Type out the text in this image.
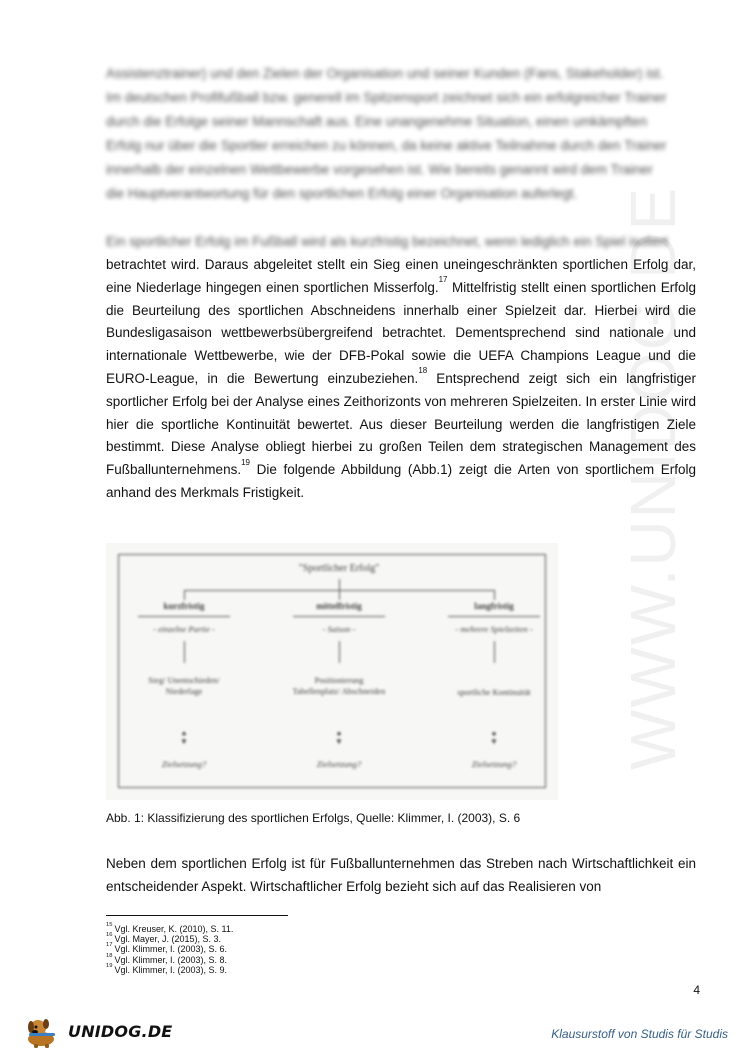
WWW.UNIDOG.DE

Assistenztrainer) und den Zielen der Organisation und seiner Kunden (Fans, Stakeholder) ist.

Im deutschen Profifußball bzw. generell im Spitzensport zeichnet sich ein erfolgreicher Trainer

durch die Erfolge seiner Mannschaft aus. Eine unangenehme Situation, einen umkämpften

Erfolg nur über die Sportler erreichen zu können, da keine aktive Teilnahme durch den Trainer

innerhalb der einzelnen Wettbewerbe vorgesehen ist. Wie bereits genannt wird dem Trainer

die Hauptverantwortung für den sportlichen Erfolg einer Organisation auferlegt.

Ein sportlicher Erfolg im Fußball wird als kurzfristig bezeichnet, wenn lediglich ein Spiel isoliert

betrachtet wird. Daraus abgeleitet stellt ein Sieg einen uneingeschränkten sportlichen Erfolg dar, eine Niederlage hingegen einen sportlichen Misserfolg.$^{17}$ Mittelfristig stellt einen sportlichen Erfolg die Beurteilung des sportlichen Abschneidens innerhalb einer Spielzeit dar. Hierbei wird die Bundesligasaison wettbewerbsübergreifend betrachtet. Dementsprechend sind nationale und internationale Wettbewerbe, wie der DFB-Pokal sowie die UEFA Champions League und die EURO-League, in die Bewertung einzubeziehen.$^{18}$ Entsprechend zeigt sich ein langfristiger sportlicher Erfolg bei der Analyse eines Zeithorizonts von mehreren Spielzeiten. In erster Linie wird hier die sportliche Kontinuität bewertet. Aus dieser Beurteilung werden die langfristigen Ziele bestimmt. Diese Analyse obliegt hierbei zu großen Teilen dem strategischen Management des Fußballunternehmens.$^{19}$ Die folgende Abbildung (Abb.1) zeigt die Arten von sportlichem Erfolg anhand des Merkmals Fristigkeit.
"Sportlicher Erfolg"
kurzfristig	mittelfristig	langfristig
- einzelne Partie -	- Saison -	- mehrere Spielzeiten -
Sieg/ Unentschieden/ Niederlage
Positionierung Tabellenplatz/ Abschneiden	sportliche Kontinuität
●
▼
●
▼
●
▼
Zielsetzung?	Zielsetzung?	Zielsetzung?
Abb. 1: Klassifizierung des sportlichen Erfolgs, Quelle: Klimmer, I. (2003), S. 6
Neben dem sportlichen Erfolg ist für Fußballunternehmen das Streben nach Wirtschaftlichkeit ein entscheidender Aspekt. Wirtschaftlicher Erfolg bezieht sich auf das Realisieren von
$^{15}$ Vgl. Kreuser, K. (2010), S. 11.
$^{16}$ Vgl. Mayer, J. (2015), S. 3.
$^{17}$ Vgl. Klimmer, I. (2003), S. 6.
$^{18}$ Vgl. Klimmer, I. (2003), S. 8.
$^{19}$ Vgl. Klimmer, I. (2003), S. 9.
4
UNIDOG.DE	Klausurstoff von Studis für Studis
